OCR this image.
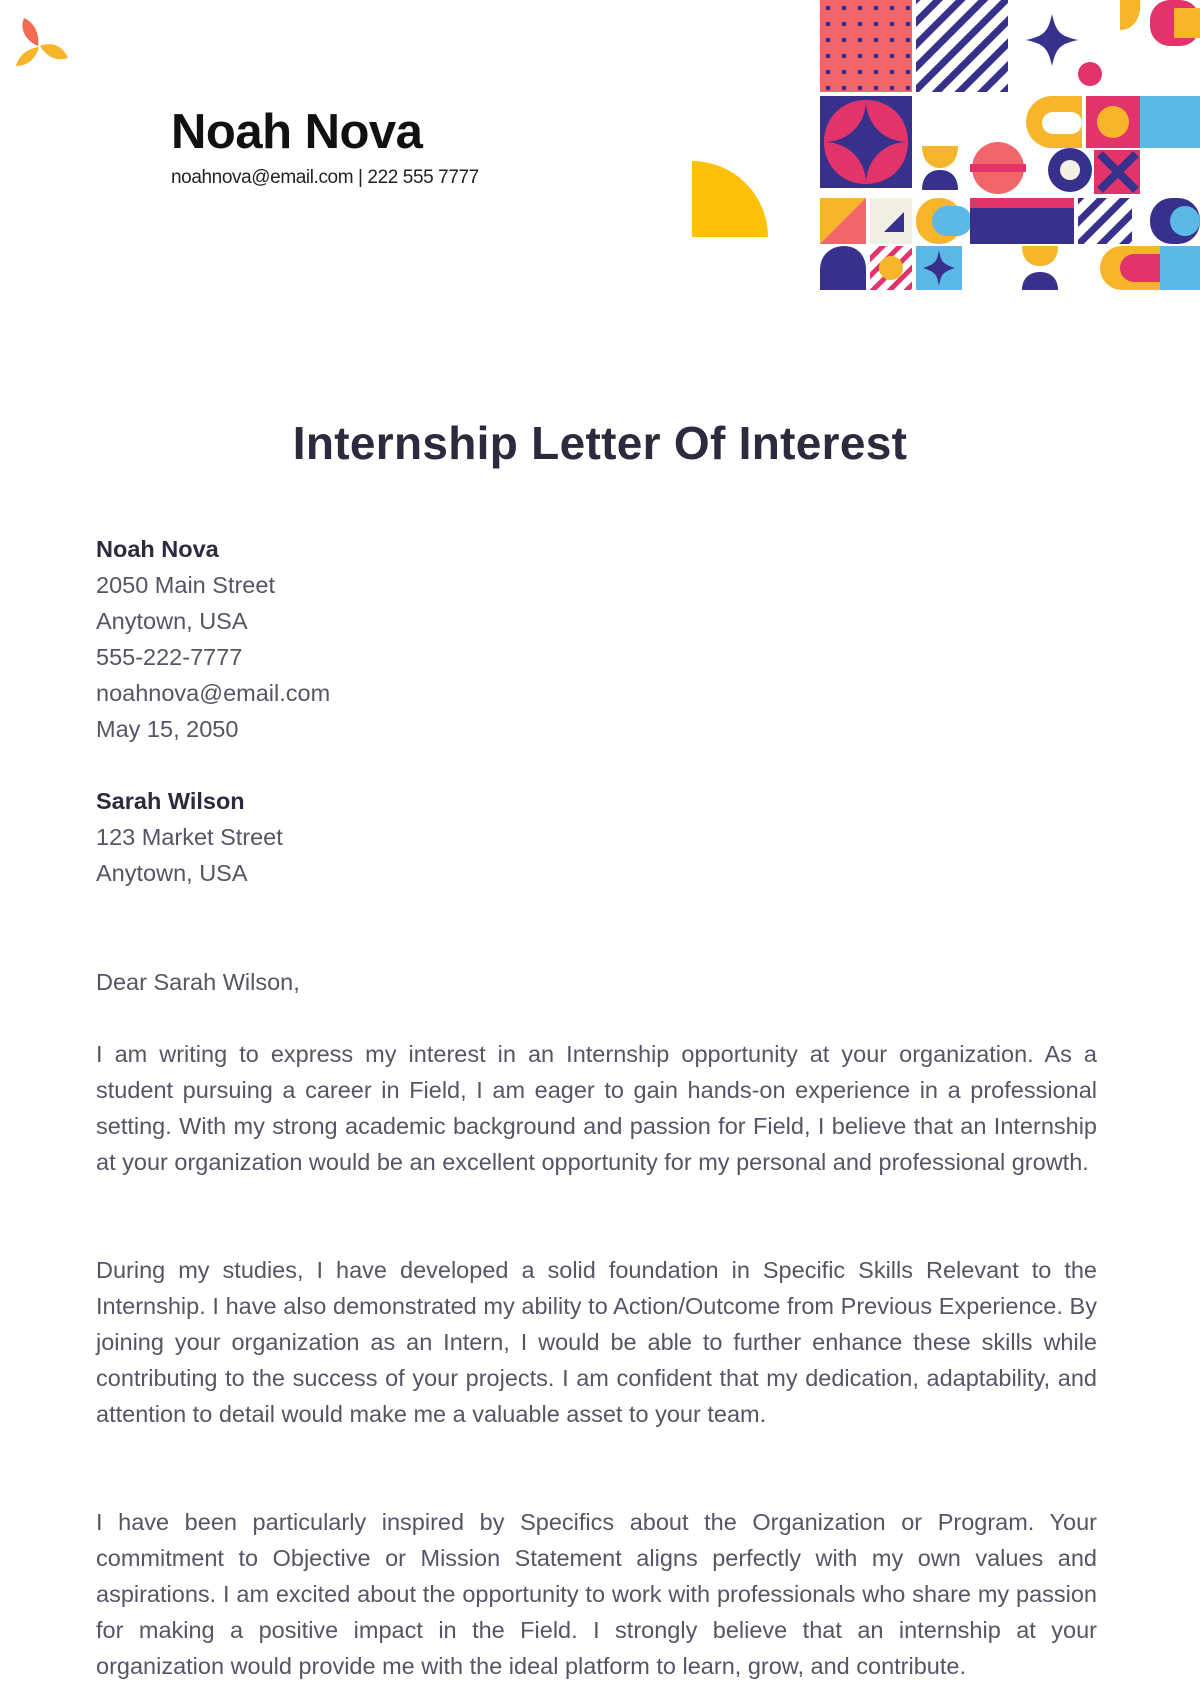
Noah Nova

noahnova@email.com | 222 555 7777

Internship Letter Of Interest
Noah Nova
2050 Main Street
Anytown, USA
555-222-7777
noahnova@email.com
May 15, 2050
Sarah Wilson
123 Market Street
Anytown, USA

Dear Sarah Wilson,

I am writing to express my interest in an Internship opportunity at your organization. As a student pursuing a career in Field, I am eager to gain hands-on experience in a professional setting. With my strong academic background and passion for Field, I believe that an Internship at your organization would be an excellent opportunity for my personal and professional growth.

During my studies, I have developed a solid foundation in Specific Skills Relevant to the Internship. I have also demonstrated my ability to Action/Outcome from Previous Experience. By joining your organization as an Intern, I would be able to further enhance these skills while contributing to the success of your projects. I am confident that my dedication, adaptability, and attention to detail would make me a valuable asset to your team.

I have been particularly inspired by Specifics about the Organization or Program. Your commitment to Objective or Mission Statement aligns perfectly with my own values and aspirations. I am excited about the opportunity to work with professionals who share my passion for making a positive impact in the Field. I strongly believe that an internship at your organization would provide me with the ideal platform to learn, grow, and contribute.
